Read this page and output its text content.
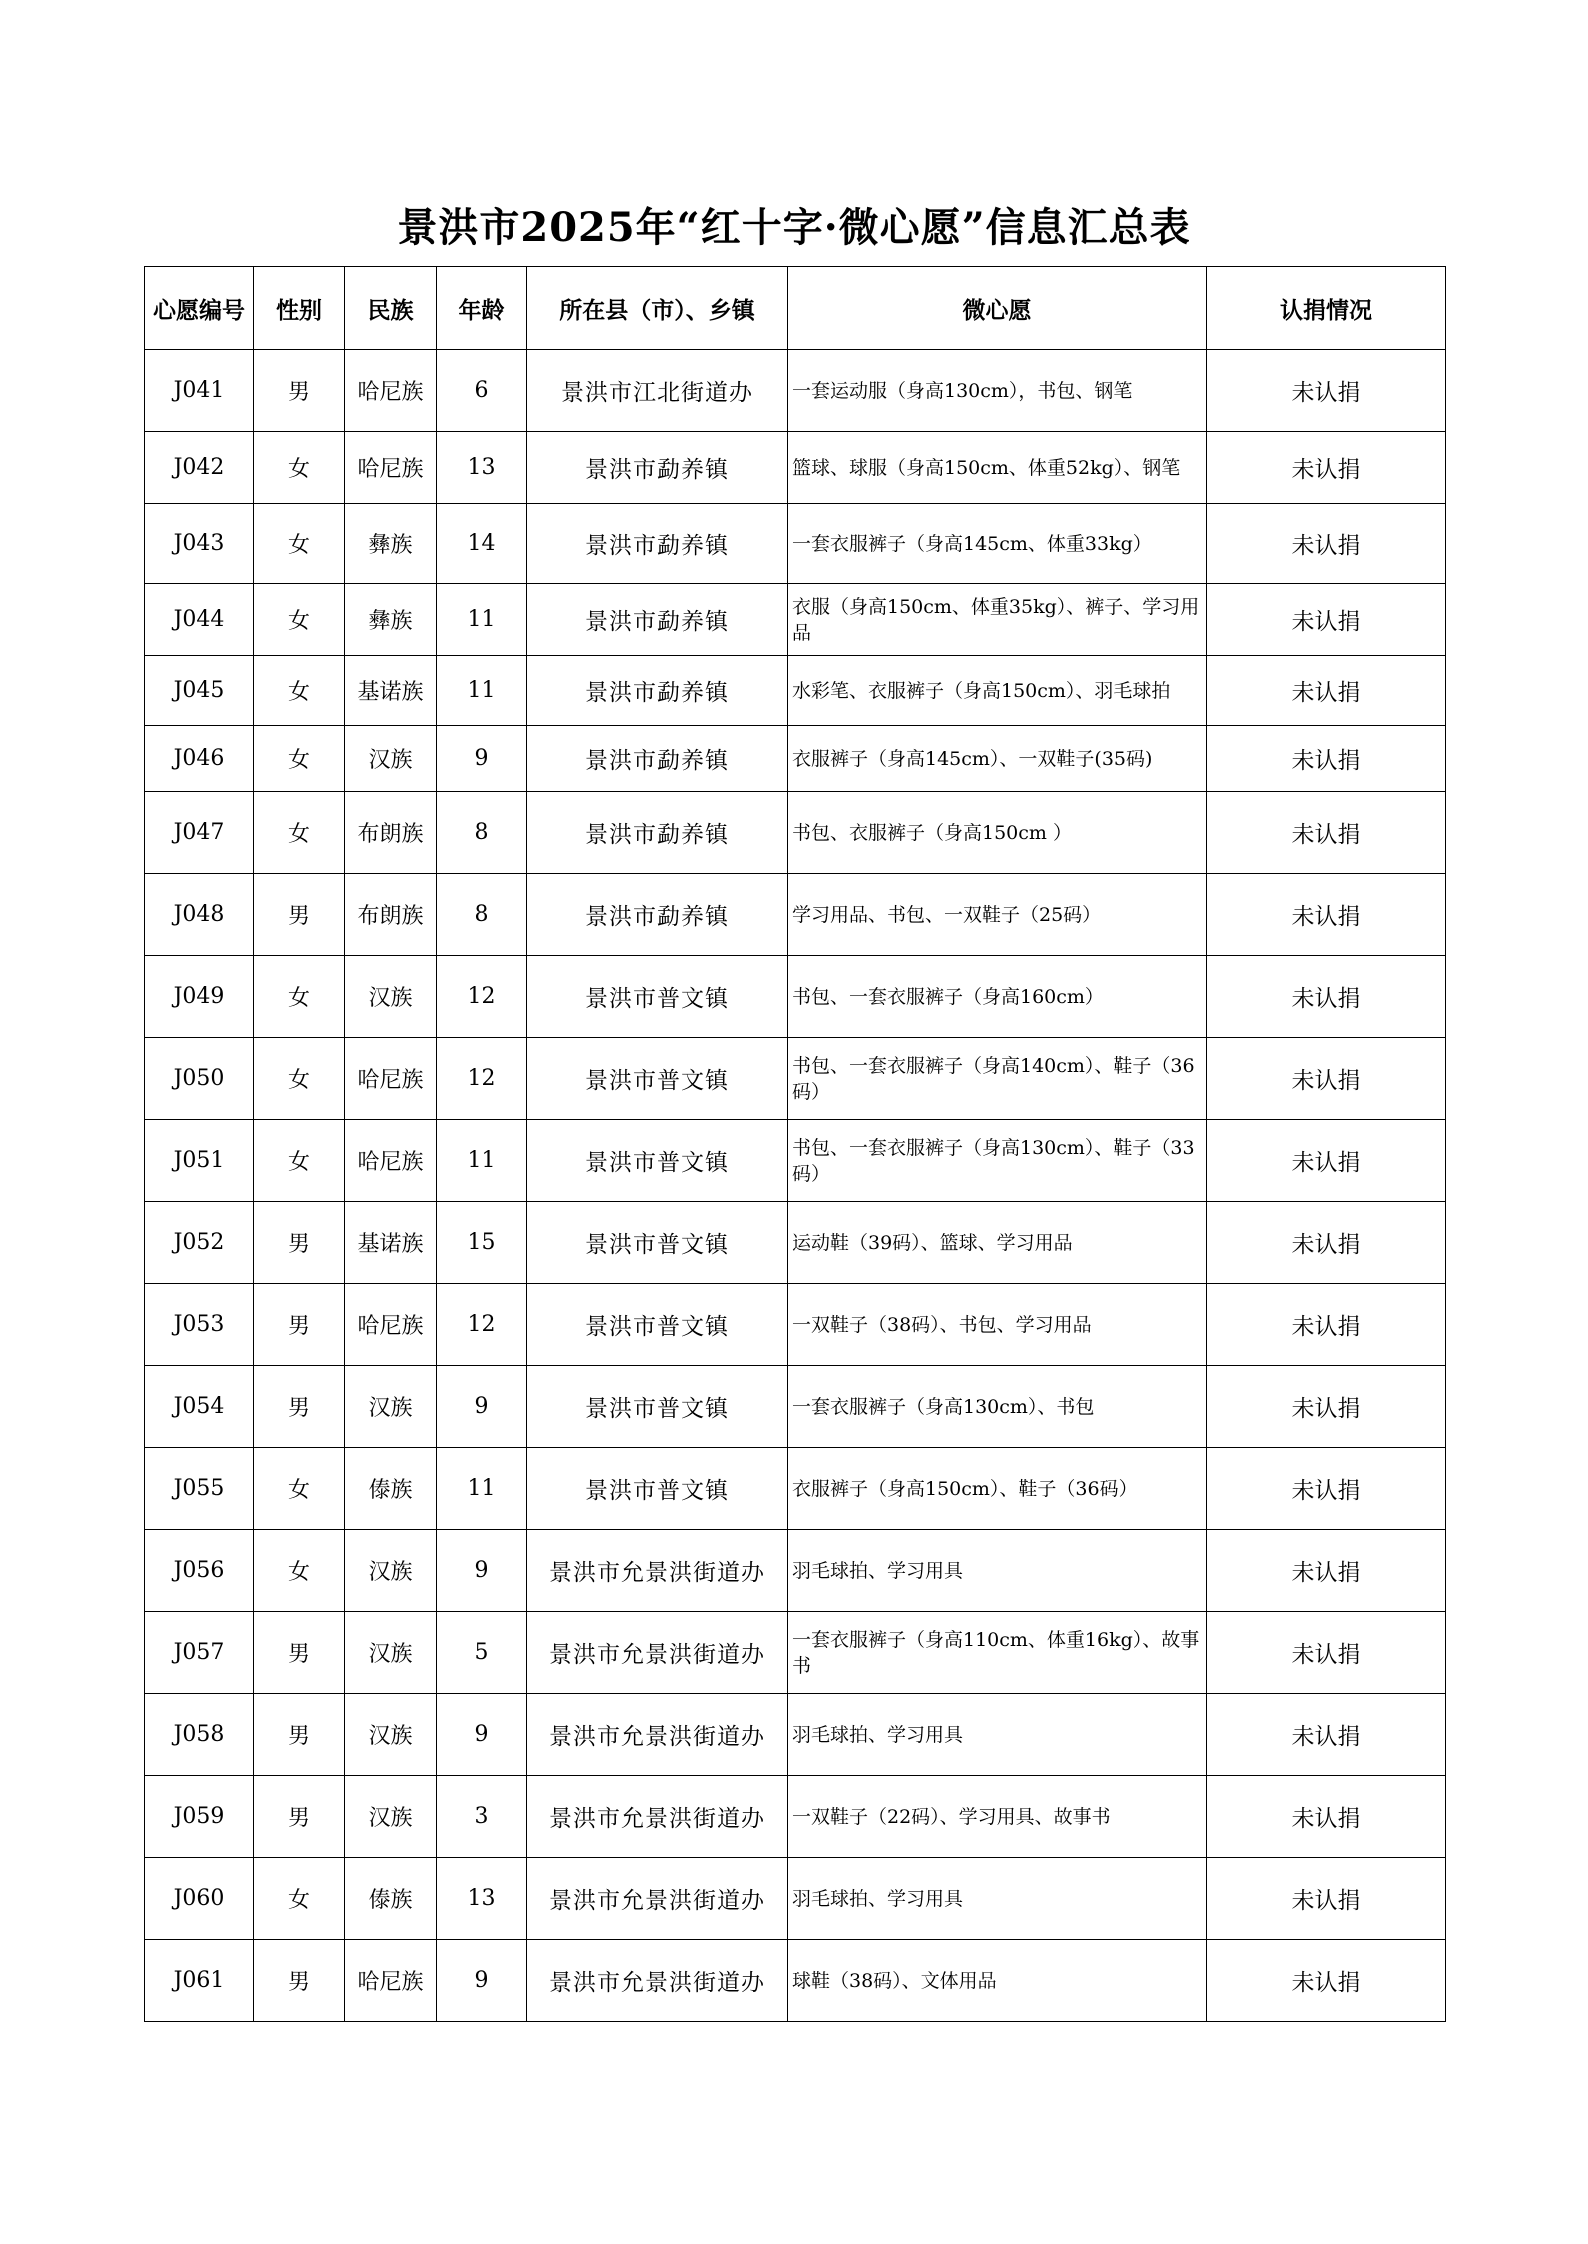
景洪市2025年“红十字·微心愿”信息汇总表
心愿编号	性别	民族	年龄	所在县（市）、乡镇	微心愿	认捐情况
J041	男	哈尼族	6	景洪市江北街道办	一套运动服（身高130cm），书包、钢笔	未认捐
J042	女	哈尼族	13	景洪市勐养镇	篮球、球服（身高150cm、体重52kg）、钢笔	未认捐
J043	女	彝族	14	景洪市勐养镇	一套衣服裤子（身高145cm、体重33kg）	未认捐
J044	女	彝族	11	景洪市勐养镇	衣服（身高150cm、体重35kg）、裤子、学习用品	未认捐
J045	女	基诺族	11	景洪市勐养镇	水彩笔、衣服裤子（身高150cm）、羽毛球拍	未认捐
J046	女	汉族	9	景洪市勐养镇	衣服裤子（身高145cm）、一双鞋子(35码)	未认捐
J047	女	布朗族	8	景洪市勐养镇	书包、衣服裤子（身高150cm ）	未认捐
J048	男	布朗族	8	景洪市勐养镇	学习用品、书包、一双鞋子（25码）	未认捐
J049	女	汉族	12	景洪市普文镇	书包、一套衣服裤子（身高160cm）	未认捐
J050	女	哈尼族	12	景洪市普文镇	书包、一套衣服裤子（身高140cm）、鞋子（36码）	未认捐
J051	女	哈尼族	11	景洪市普文镇	书包、一套衣服裤子（身高130cm）、鞋子（33码）	未认捐
J052	男	基诺族	15	景洪市普文镇	运动鞋（39码）、篮球、学习用品	未认捐
J053	男	哈尼族	12	景洪市普文镇	一双鞋子（38码）、书包、学习用品	未认捐
J054	男	汉族	9	景洪市普文镇	一套衣服裤子（身高130cm）、书包	未认捐
J055	女	傣族	11	景洪市普文镇	衣服裤子（身高150cm）、鞋子（36码）	未认捐
J056	女	汉族	9	景洪市允景洪街道办	羽毛球拍、学习用具	未认捐
J057	男	汉族	5	景洪市允景洪街道办	一套衣服裤子（身高110cm、体重16kg）、故事书	未认捐
J058	男	汉族	9	景洪市允景洪街道办	羽毛球拍、学习用具	未认捐
J059	男	汉族	3	景洪市允景洪街道办	一双鞋子（22码）、学习用具、故事书	未认捐
J060	女	傣族	13	景洪市允景洪街道办	羽毛球拍、学习用具	未认捐
J061	男	哈尼族	9	景洪市允景洪街道办	球鞋（38码）、文体用品	未认捐
